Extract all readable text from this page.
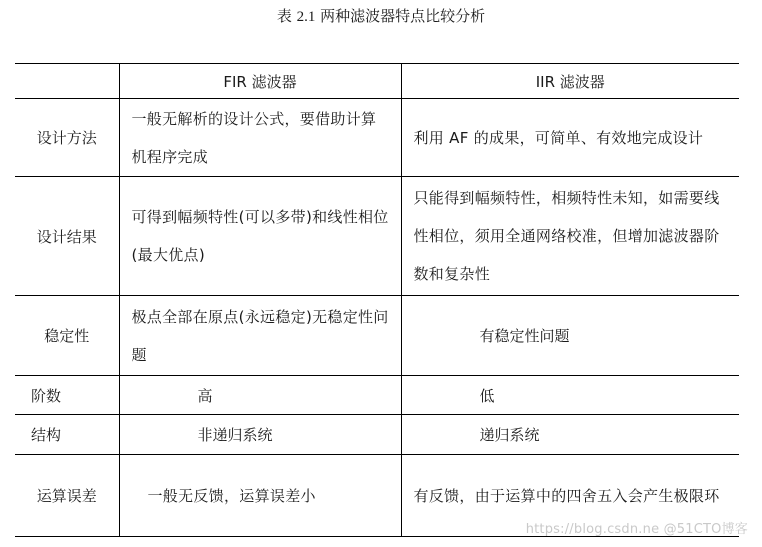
表 2.1 两种滤波器特点比较分析
	FIR 滤波器	IIR 滤波器
设计方法	一般无解析的设计公式，要借助计算机程序完成	利用 AF 的成果，可简单、有效地完成设计
设计结果	可得到幅频特性(可以多带)和线性相位(最大优点)	只能得到幅频特性，相频特性未知，如需要线性相位，须用全通网络校准，但增加滤波器阶数和复杂性
稳定性	极点全部在原点(永远稳定)无稳定性问题	有稳定性问题
阶数	高	低
结构	非递归系统	递归系统
运算误差	一般无反馈，运算误差小	有反馈，由于运算中的四舍五入会产生极限环
https://blog.csdn.ne @51CTO博客
